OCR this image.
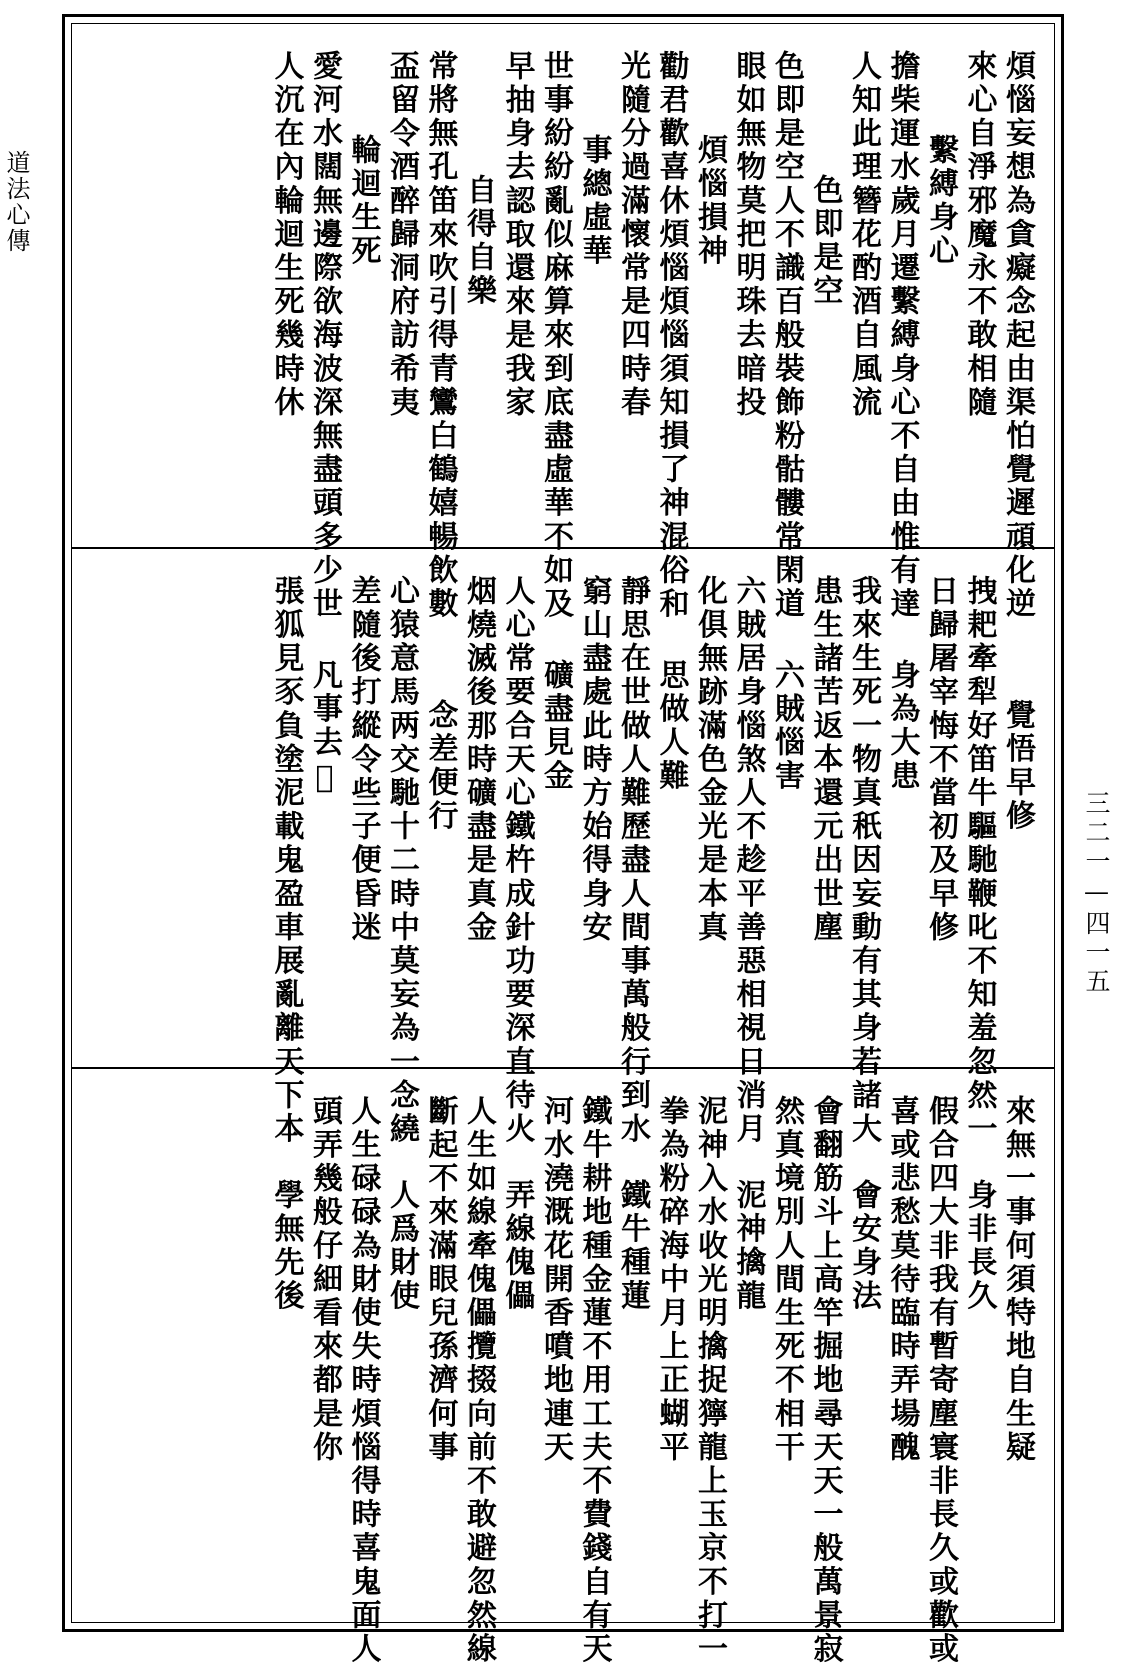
道法心傳
三二一—四一五
煩惱妄想為貪癡念起由渠怕覺遲頑化逆
來心自淨邪魔永不敢相隨
繫縛身心
擔柴運水歲月遷繫縛身心不自由惟有達
人知此理簪花酌酒自風流
色即是空
色即是空人不識百般裝飾粉骷髏常閑道
眼如無物莫把明珠去暗投
煩惱損神
勸君歡喜休煩惱煩惱須知損了神混俗和
光隨分過滿懷常是四時春
事總虛華
世事紛紛亂似麻算來到底盡虛華不如及
早抽身去認取還來是我家
自得自樂
常將無孔笛來吹引得青鸞白鶴嬉暢飲數
盃留令酒醉歸洞府訪希夷
輪迴生死
愛河水闊無邊際欲海波深無盡頭多少世
人沉在內輪迴生死幾時休
覺悟早修
拽耙牽犁好笛牛驅馳鞭叱不知羞忽然一
日歸屠宰悔不當初及早修
身為大患
我來生死一物真秖因妄動有其身若諸大
患生諸苦返本還元出世塵
六賊惱害
六賊居身惱煞人不趁平善惡相視日消月
化俱無跡滿色金光是本真
思做人難
靜思在世做人難歷盡人間事萬般行到水
窮山盡處此時方始得身安
礦盡見金
人心常要合天心鐵杵成針功要深直待火
烟燒滅後那時礦盡是真金
念差便行
心猿意馬两交馳十二時中莫妄為一念繞
差隨後打縱令些子便昏迷
凡事去𢢾
張狐見豕負塗泥載鬼盈車展亂離天下本
來無一事何須特地自生疑
身非長久
假合四大非我有暫寄塵寰非長久或歡或
喜或悲愁莫待臨時弄場醜
會安身法
會翻筋斗上高竿掘地尋天天一般萬景寂
然真境別人間生死不相干
泥神擒龍
泥神入水收光明擒捉獰龍上玉京不打一
拳為粉碎海中月上正蝴平
鐵牛種蓮
鐵牛耕地種金蓮不用工夫不費錢自有天
河水澆溉花開香噴地連天
弄線傀儡
人生如線牽傀儡攬掇向前不敢避忽然線
斷起不來滿眼兒孫濟何事
人爲財使
人生碌碌為財使失時煩惱得時喜鬼面人
頭弄幾般仔細看來都是你
學無先後
